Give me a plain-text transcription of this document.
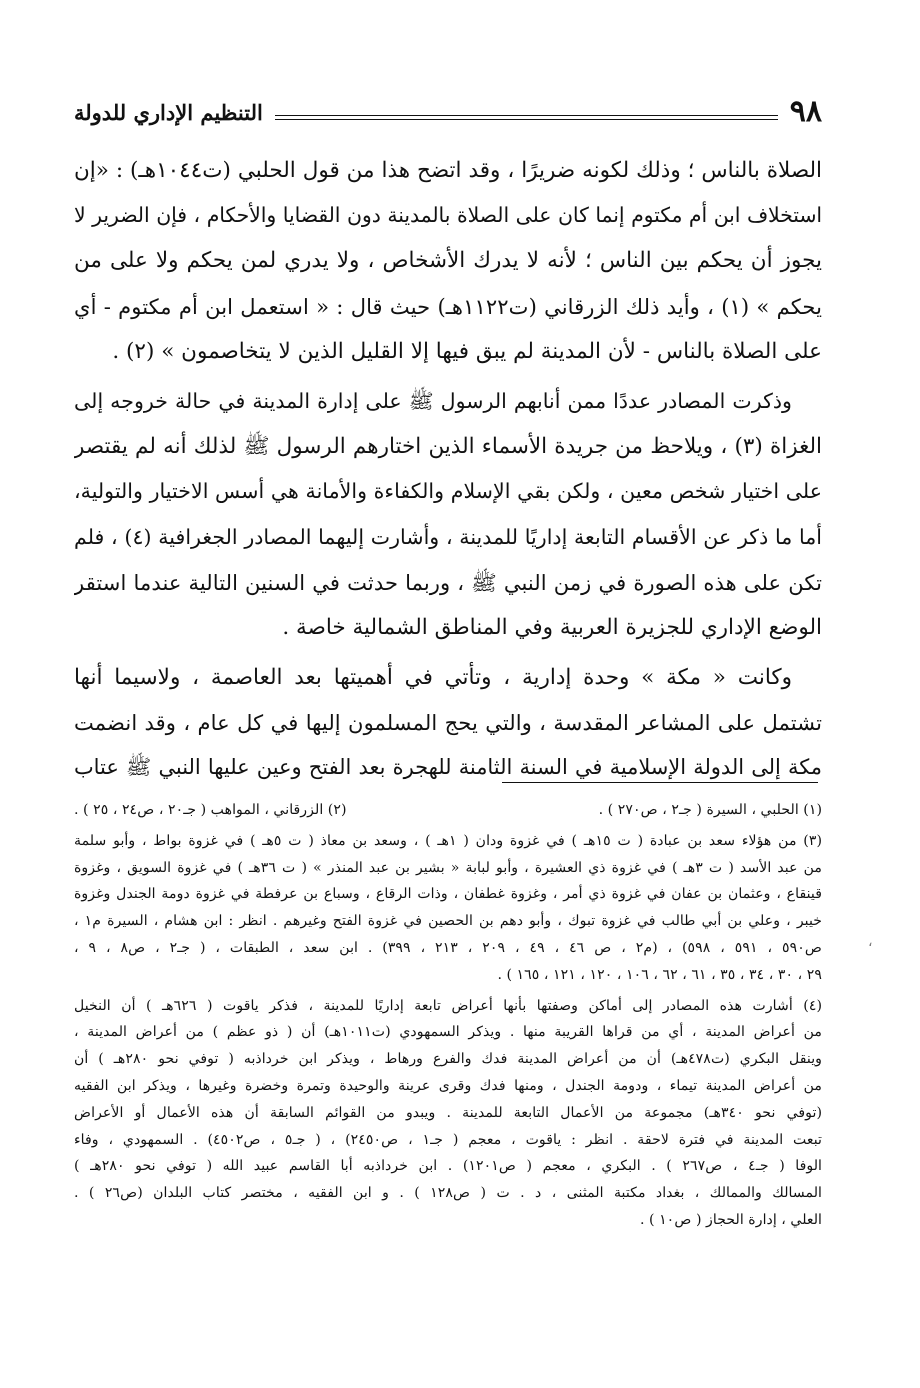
٩٨
التنظيم الإداري للدولة
الصلاة بالناس ؛ وذلك لكونه ضريرًا ، وقد اتضح هذا من قول الحلبي (ت١٠٤٤هـ) : «إن
استخلاف ابن أم مكتوم إنما كان على الصلاة بالمدينة دون القضايا والأحكام ، فإن الضرير لا
يجوز أن يحكم بين الناس ؛ لأنه لا يدرك الأشخاص ، ولا يدري لمن يحكم ولا على من
يحكم » (١) ، وأيد ذلك الزرقاني (ت١١٢٢هـ) حيث قال : « استعمل ابن أم مكتوم - أي
على الصلاة بالناس - لأن المدينة لم يبق فيها إلا القليل الذين لا يتخاصمون » (٢) .
وذكرت المصادر عددًا ممن أنابهم الرسول ﷺ على إدارة المدينة في حالة خروجه إلى
الغزاة (٣) ، ويلاحظ من جريدة الأسماء الذين اختارهم الرسول ﷺ لذلك أنه لم يقتصر
على اختيار شخص معين ، ولكن بقي الإسلام والكفاءة والأمانة هي أسس الاختيار والتولية،
أما ما ذكر عن الأقسام التابعة إداريًا للمدينة ، وأشارت إليهما المصادر الجغرافية (٤) ، فلم
تكن على هذه الصورة في زمن النبي ﷺ ، وربما حدثت في السنين التالية عندما استقر
الوضع الإداري للجزيرة العربية وفي المناطق الشمالية خاصة .
وكانت « مكة » وحدة إدارية ، وتأتي في أهميتها بعد العاصمة ، ولاسيما أنها
تشتمل على المشاعر المقدسة ، والتي يحج المسلمون إليها في كل عام ، وقد انضمت
مكة إلى الدولة الإسلامية في السنة الثامنة للهجرة بعد الفتح وعين عليها النبي ﷺ عتاب
(١) الحلبي ، السيرة ( جـ٢ ، ص٢٧٠ ) .
(٢) الزرقاني ، المواهب ( جـ٢٠ ، ص٢٤ ، ٢٥ ) .
(٣) من هؤلاء سعد بن عبادة ( ت ١٥هـ ) في غزوة ودان ( ١هـ ) ، وسعد بن معاذ ( ت ٥هـ ) في غزوة بواط ، وأبو سلمة
من عبد الأسد ( ت ٣هـ ) في غزوة ذي العشيرة ، وأبو لبابة « بشير بن عبد المنذر » ( ت ٣٦هـ ) في غزوة السويق ، وغزوة
قينقاع ، وعثمان بن عفان في غزوة ذي أمر ، وغزوة غطفان ، وذات الرقاع ، وسباع بن عرفطة في غزوة دومة الجندل وغزوة
خيبر ، وعلي بن أبي طالب في غزوة تبوك ، وأبو دهم بن الحصين في غزوة الفتح وغيرهم . انظر : ابن هشام ، السيرة م١ ،
ص٥٩٠ ، ٥٩١ ، ٥٩٨) ، (م٢ ، ص ٤٦ ، ٤٩ ، ٢٠٩ ، ٢١٣ ، ٣٩٩) . ابن سعد ، الطبقات ، ( جـ٢ ، ص٨ ، ٩ ،
٢٩ ، ٣٠ ، ٣٤ ، ٣٥ ، ٦١ ، ٦٢ ، ١٠٦ ، ١٢٠ ، ١٢١ ، ١٦٥ ) .
(٤) أشارت هذه المصادر إلى أماكن وصفتها بأنها أعراض تابعة إداريًا للمدينة ، فذكر ياقوت ( ٦٢٦هـ ) أن النخيل
من أعراض المدينة ، أي من قراها القريبة منها . ويذكر السمهودي (ت١٠١١هـ) أن ( ذو عظم ) من أعراض المدينة ،
وينقل البكري (ت٤٧٨هـ) أن من أعراض المدينة فدك والفرع ورهاط ، ويذكر ابن خرداذبه ( توفي نحو ٢٨٠هـ ) أن
من أعراض المدينة تيماء ، ودومة الجندل ، ومنها فدك وقرى عرينة والوحيدة وتمرة وخضرة وغيرها ، ويذكر ابن الفقيه
(توفي نحو ٣٤٠هـ) مجموعة من الأعمال التابعة للمدينة . ويبدو من القوائم السابقة أن هذه الأعمال أو الأعراض
تبعت المدينة في فترة لاحقة . انظر : ياقوت ، معجم ( جـ١ ، ص٢٤٥٠) ، ( جـ٥ ، ص٤٥٠٢) . السمهودي ، وفاء
الوفا ( جـ٤ ، ص٢٦٧ ) . البكري ، معجم ( ص١٢٠١) . ابن خرداذبه أبا القاسم عبيد الله ( توفي نحو ٢٨٠هـ )
المسالك والممالك ، بغداد مكتبة المثنى ، د . ت ( ص١٢٨ ) . و ابن الفقيه ، مختصر كتاب البلدان (ص٢٦ ) .
العلي ، إدارة الحجاز ( ص١٠ ) .
،
